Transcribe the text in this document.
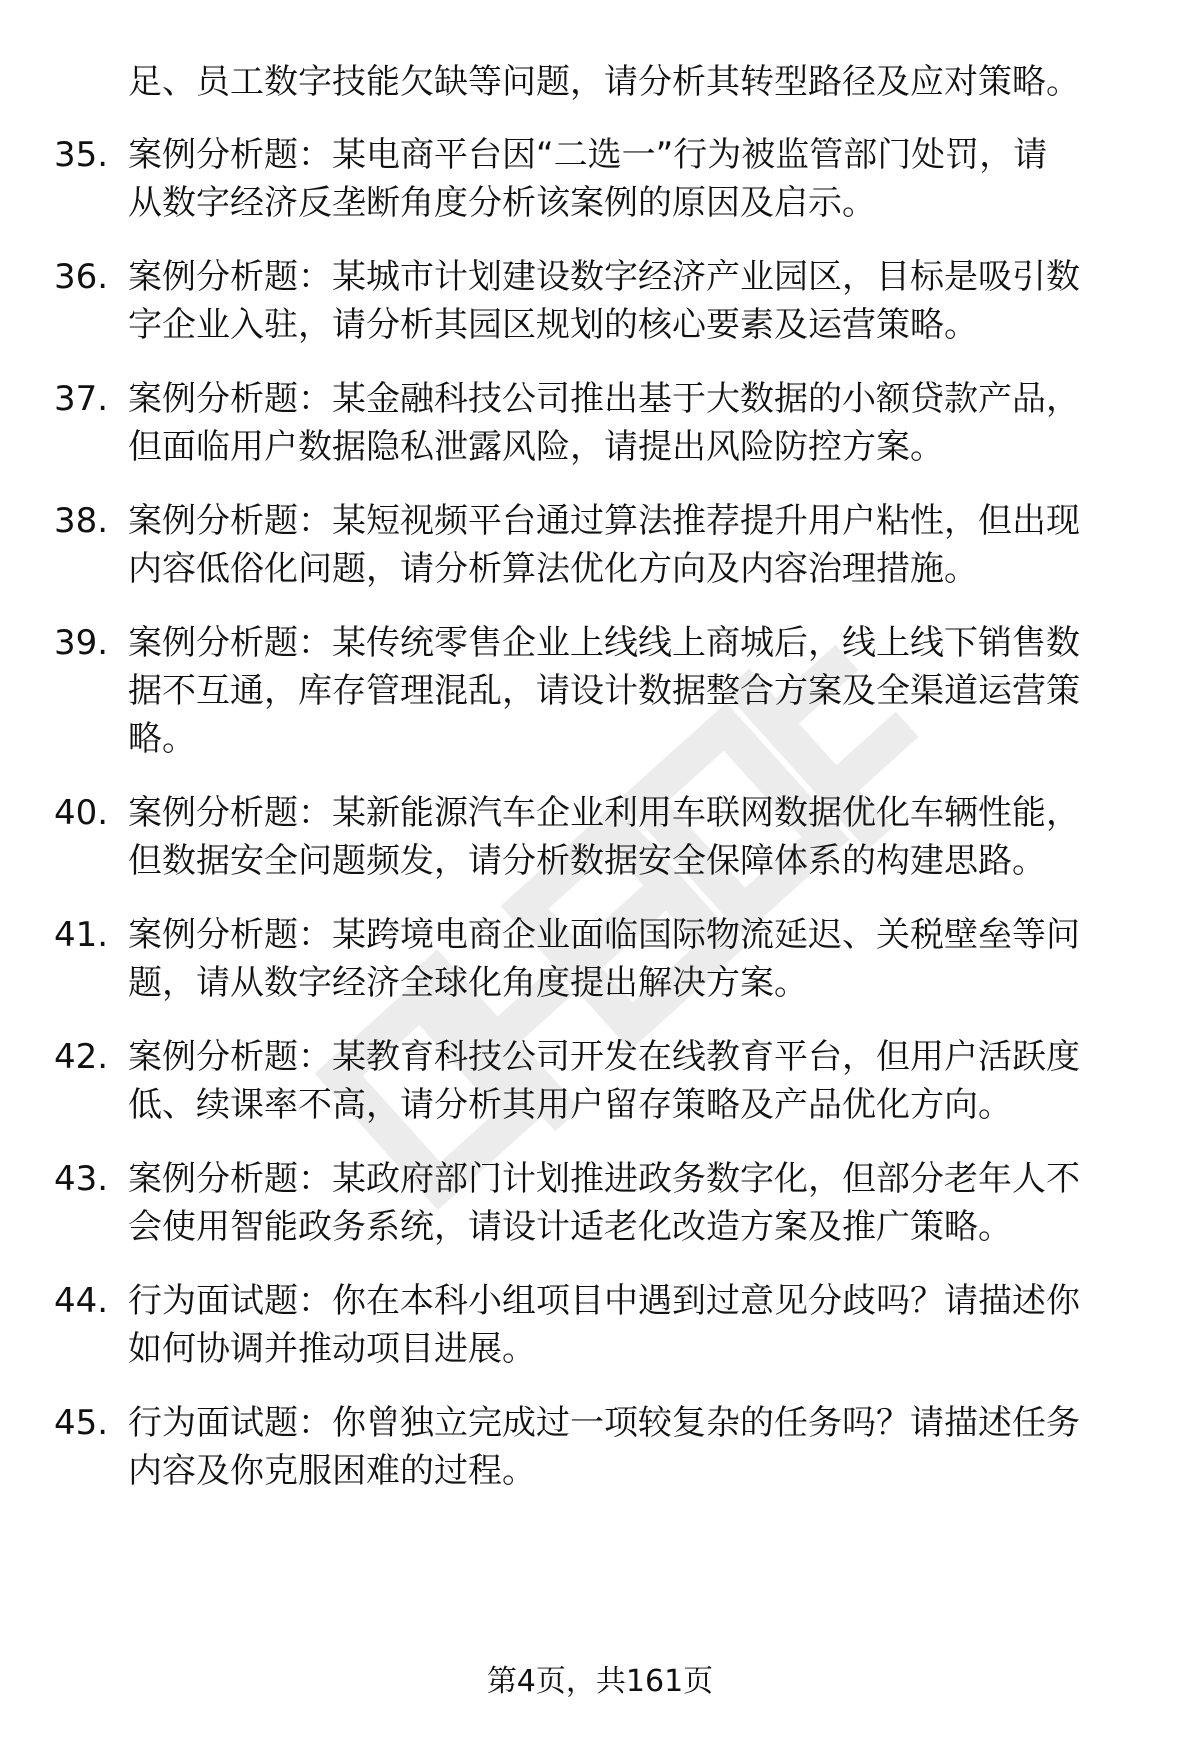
足、员工数字技能欠缺等问题，请分析其转型路径及应对策略。
35. 案例分析题：某电商平台因“二选一”行为被监管部门处罚，请
从数字经济反垄断角度分析该案例的原因及启示。
36. 案例分析题：某城市计划建设数字经济产业园区，目标是吸引数
字企业入驻，请分析其园区规划的核心要素及运营策略。
37. 案例分析题：某金融科技公司推出基于大数据的小额贷款产品，
但面临用户数据隐私泄露风险，请提出风险防控方案。
38. 案例分析题：某短视频平台通过算法推荐提升用户粘性，但出现
内容低俗化问题，请分析算法优化方向及内容治理措施。
39. 案例分析题：某传统零售企业上线线上商城后，线上线下销售数
据不互通，库存管理混乱，请设计数据整合方案及全渠道运营策
略。
40. 案例分析题：某新能源汽车企业利用车联网数据优化车辆性能，
但数据安全问题频发，请分析数据安全保障体系的构建思路。
41. 案例分析题：某跨境电商企业面临国际物流延迟、关税壁垒等问
题，请从数字经济全球化角度提出解决方案。
42. 案例分析题：某教育科技公司开发在线教育平台，但用户活跃度
低、续课率不高，请分析其用户留存策略及产品优化方向。
43. 案例分析题：某政府部门计划推进政务数字化，但部分老年人不
会使用智能政务系统，请设计适老化改造方案及推广策略。
44. 行为面试题：你在本科小组项目中遇到过意见分歧吗？请描述你
如何协调并推动项目进展。
45. 行为面试题：你曾独立完成过一项较复杂的任务吗？请描述任务
内容及你克服困难的过程。
第4页，共161页
